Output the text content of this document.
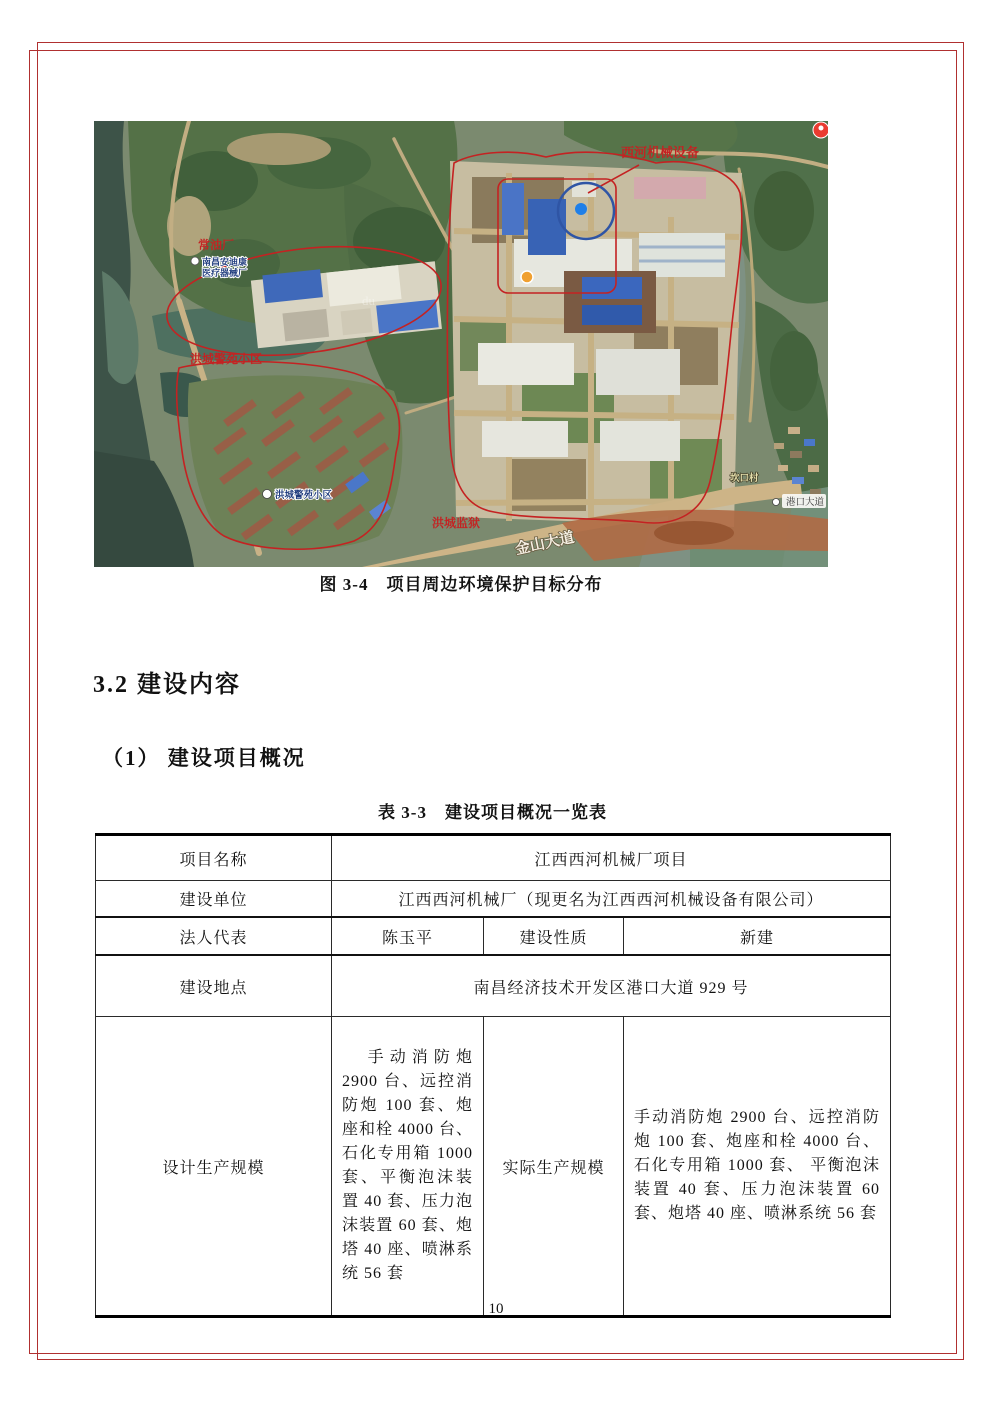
du
西河机械设备
常油厂
洪城警苑小区
洪城监狱
南昌安迪康
医疗器械厂
洪城警苑小区
金山大道
港口大道
坎口村
图 3-4　项目周边环境保护目标分布
3.2 建设内容
（1） 建设项目概况
表 3-3　建设项目概况一览表
项目名称	江西西河机械厂项目		
建设单位	江西西河机械厂（现更名为江西西河机械设备有限公司）		
法人代表	陈玉平	建设性质	新建
建设地点	南昌经济技术开发区港口大道 929 号		
设计生产规模	手 动 消 防 炮 2900 台、远控消防炮 100 套、炮座和栓 4000 台、石化专用箱 1000 套、平衡泡沫装置 40 套、压力泡沫装置 60 套、炮塔 40 座、喷淋系统 56 套	实际生产规模	手动消防炮 2900 台、远控消防炮 100 套、炮座和栓 4000 台、石化专用箱 1000 套、 平衡泡沫装置 40 套、压力泡沫装置 60 套、炮塔 40 座、喷淋系统 56 套
10
